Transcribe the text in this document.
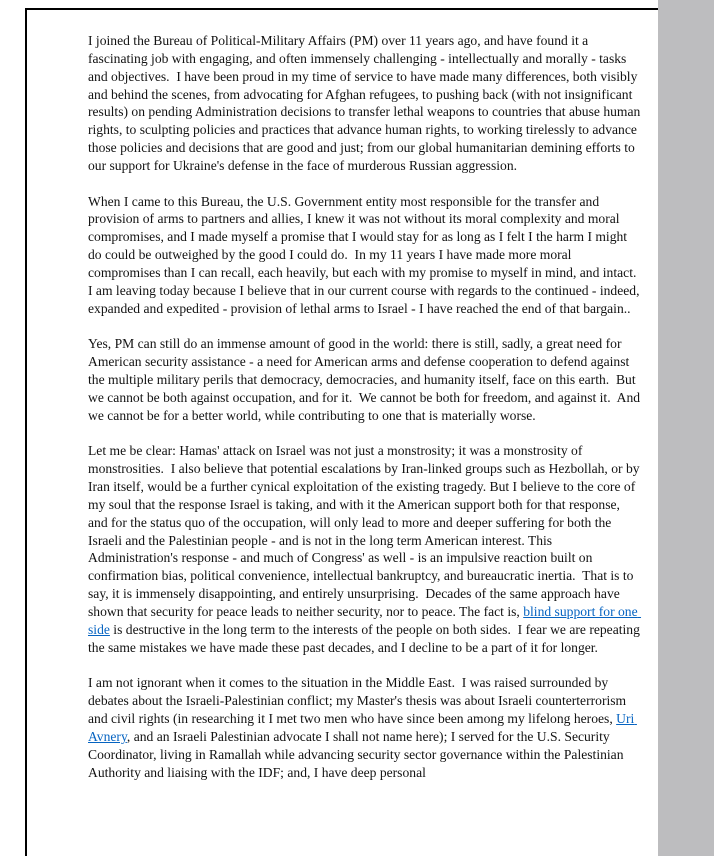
I joined the Bureau of Political-Military Affairs (PM) over 11 years ago, and have found it a fascinating job with engaging, and often immensely challenging - intellectually and morally - tasks and objectives.  I have been proud in my time of service to have made many differences, both visibly and behind the scenes, from advocating for Afghan refugees, to pushing back (with not insignificant results) on pending Administration decisions to transfer lethal weapons to countries that abuse human rights, to sculpting policies and practices that advance human rights, to working tirelessly to advance those policies and decisions that are good and just; from our global humanitarian demining efforts to our support for Ukraine's defense in the face of murderous Russian aggression.

When I came to this Bureau, the U.S. Government entity most responsible for the transfer and provision of arms to partners and allies, I knew it was not without its moral complexity and moral compromises, and I made myself a promise that I would stay for as long as I felt I the harm I might do could be outweighed by the good I could do.  In my 11 years I have made more moral compromises than I can recall, each heavily, but each with my promise to myself in mind, and intact.  I am leaving today because I believe that in our current course with regards to the continued - indeed, expanded and expedited - provision of lethal arms to Israel - I have reached the end of that bargain..

Yes, PM can still do an immense amount of good in the world: there is still, sadly, a great need for American security assistance - a need for American arms and defense cooperation to defend against the multiple military perils that democracy, democracies, and humanity itself, face on this earth.  But we cannot be both against occupation, and for it.  We cannot be both for freedom, and against it.  And we cannot be for a better world, while contributing to one that is materially worse.

Let me be clear: Hamas' attack on Israel was not just a monstrosity; it was a monstrosity of monstrosities.  I also believe that potential escalations by Iran-linked groups such as Hezbollah, or by Iran itself, would be a further cynical exploitation of the existing tragedy. But I believe to the core of my soul that the response Israel is taking, and with it the American support both for that response, and for the status quo of the occupation, will only lead to more and deeper suffering for both the Israeli and the Palestinian people - and is not in the long term American interest. This Administration's response - and much of Congress' as well - is an impulsive reaction built on confirmation bias, political convenience, intellectual bankruptcy, and bureaucratic inertia.  That is to say, it is immensely disappointing, and entirely unsurprising.  Decades of the same approach have shown that security for peace leads to neither security, nor to peace. The fact is, blind support for one side is destructive in the long term to the interests of the people on both sides.  I fear we are repeating the same mistakes we have made these past decades, and I decline to be a part of it for longer.

I am not ignorant when it comes to the situation in the Middle East.  I was raised surrounded by debates about the Israeli-Palestinian conflict; my Master's thesis was about Israeli counterterrorism and civil rights (in researching it I met two men who have since been among my lifelong heroes, Uri Avnery, and an Israeli Palestinian advocate I shall not name here); I served for the U.S. Security Coordinator, living in Ramallah while advancing security sector governance within the Palestinian Authority and liaising with the IDF; and, I have deep personal
